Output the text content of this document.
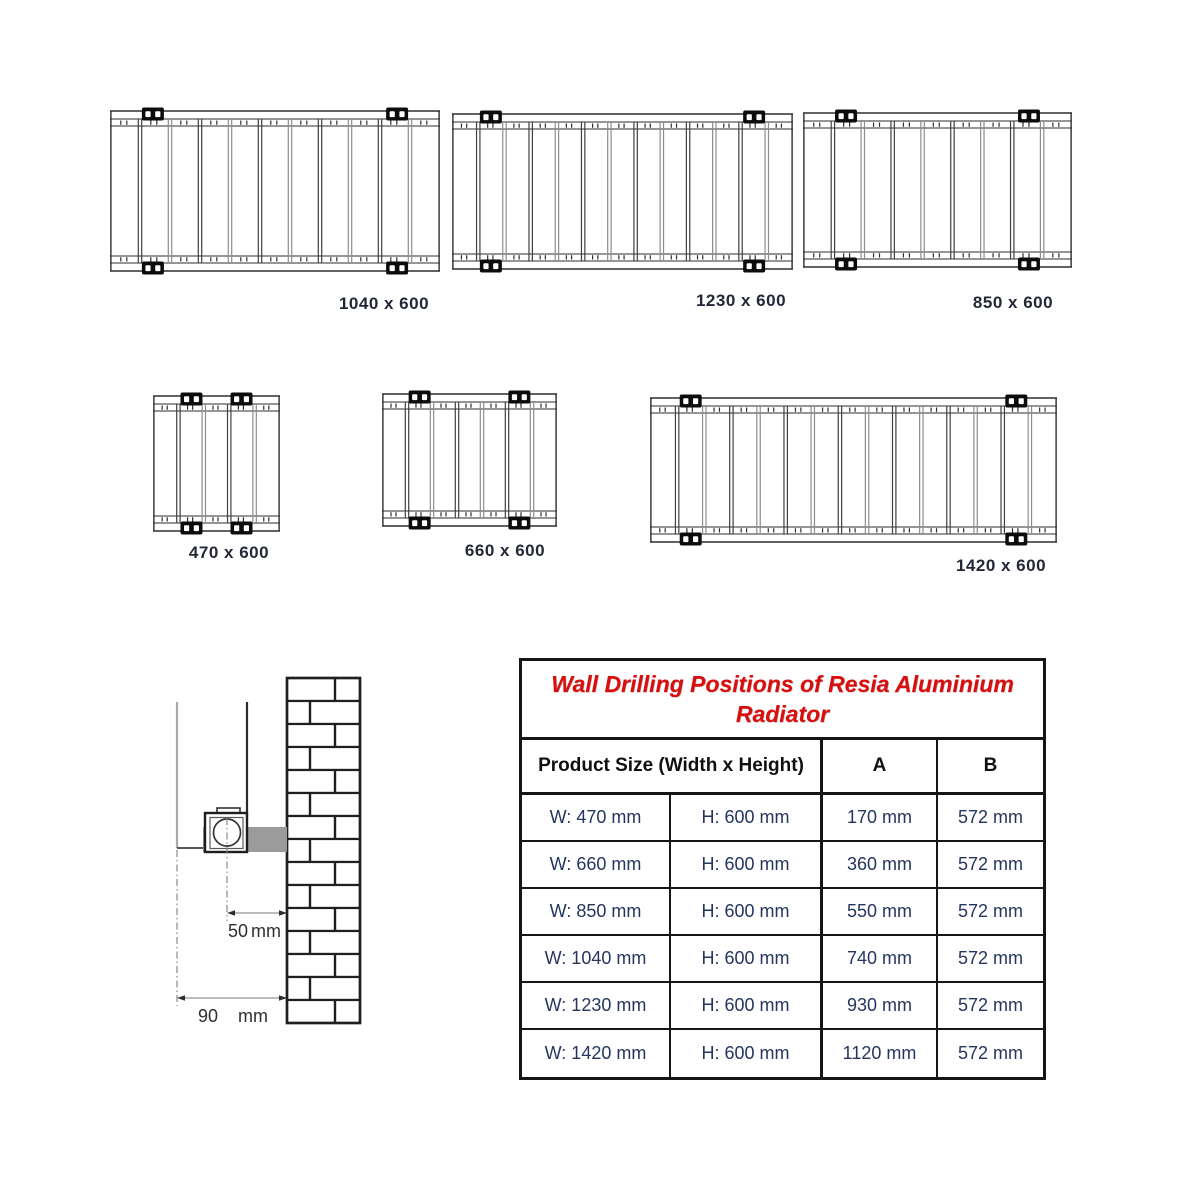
1040 x 600	1230 x 600	850 x 600
470 x 600	660 x 600
1420 x 600
50 mm
90 mm
Wall Drilling Positions of Resia Aluminium
Radiator
Product Size (Width x Height)	A	B
W: 470 mm	H: 600 mm	170 mm	572 mm
W: 660 mm	H: 600 mm	360 mm	572 mm
W: 850 mm	H: 600 mm	550 mm	572 mm
W: 1040 mm	H: 600 mm	740 mm	572 mm
W: 1230 mm	H: 600 mm	930 mm	572 mm
W: 1420 mm	H: 600 mm	1120 mm	572 mm
